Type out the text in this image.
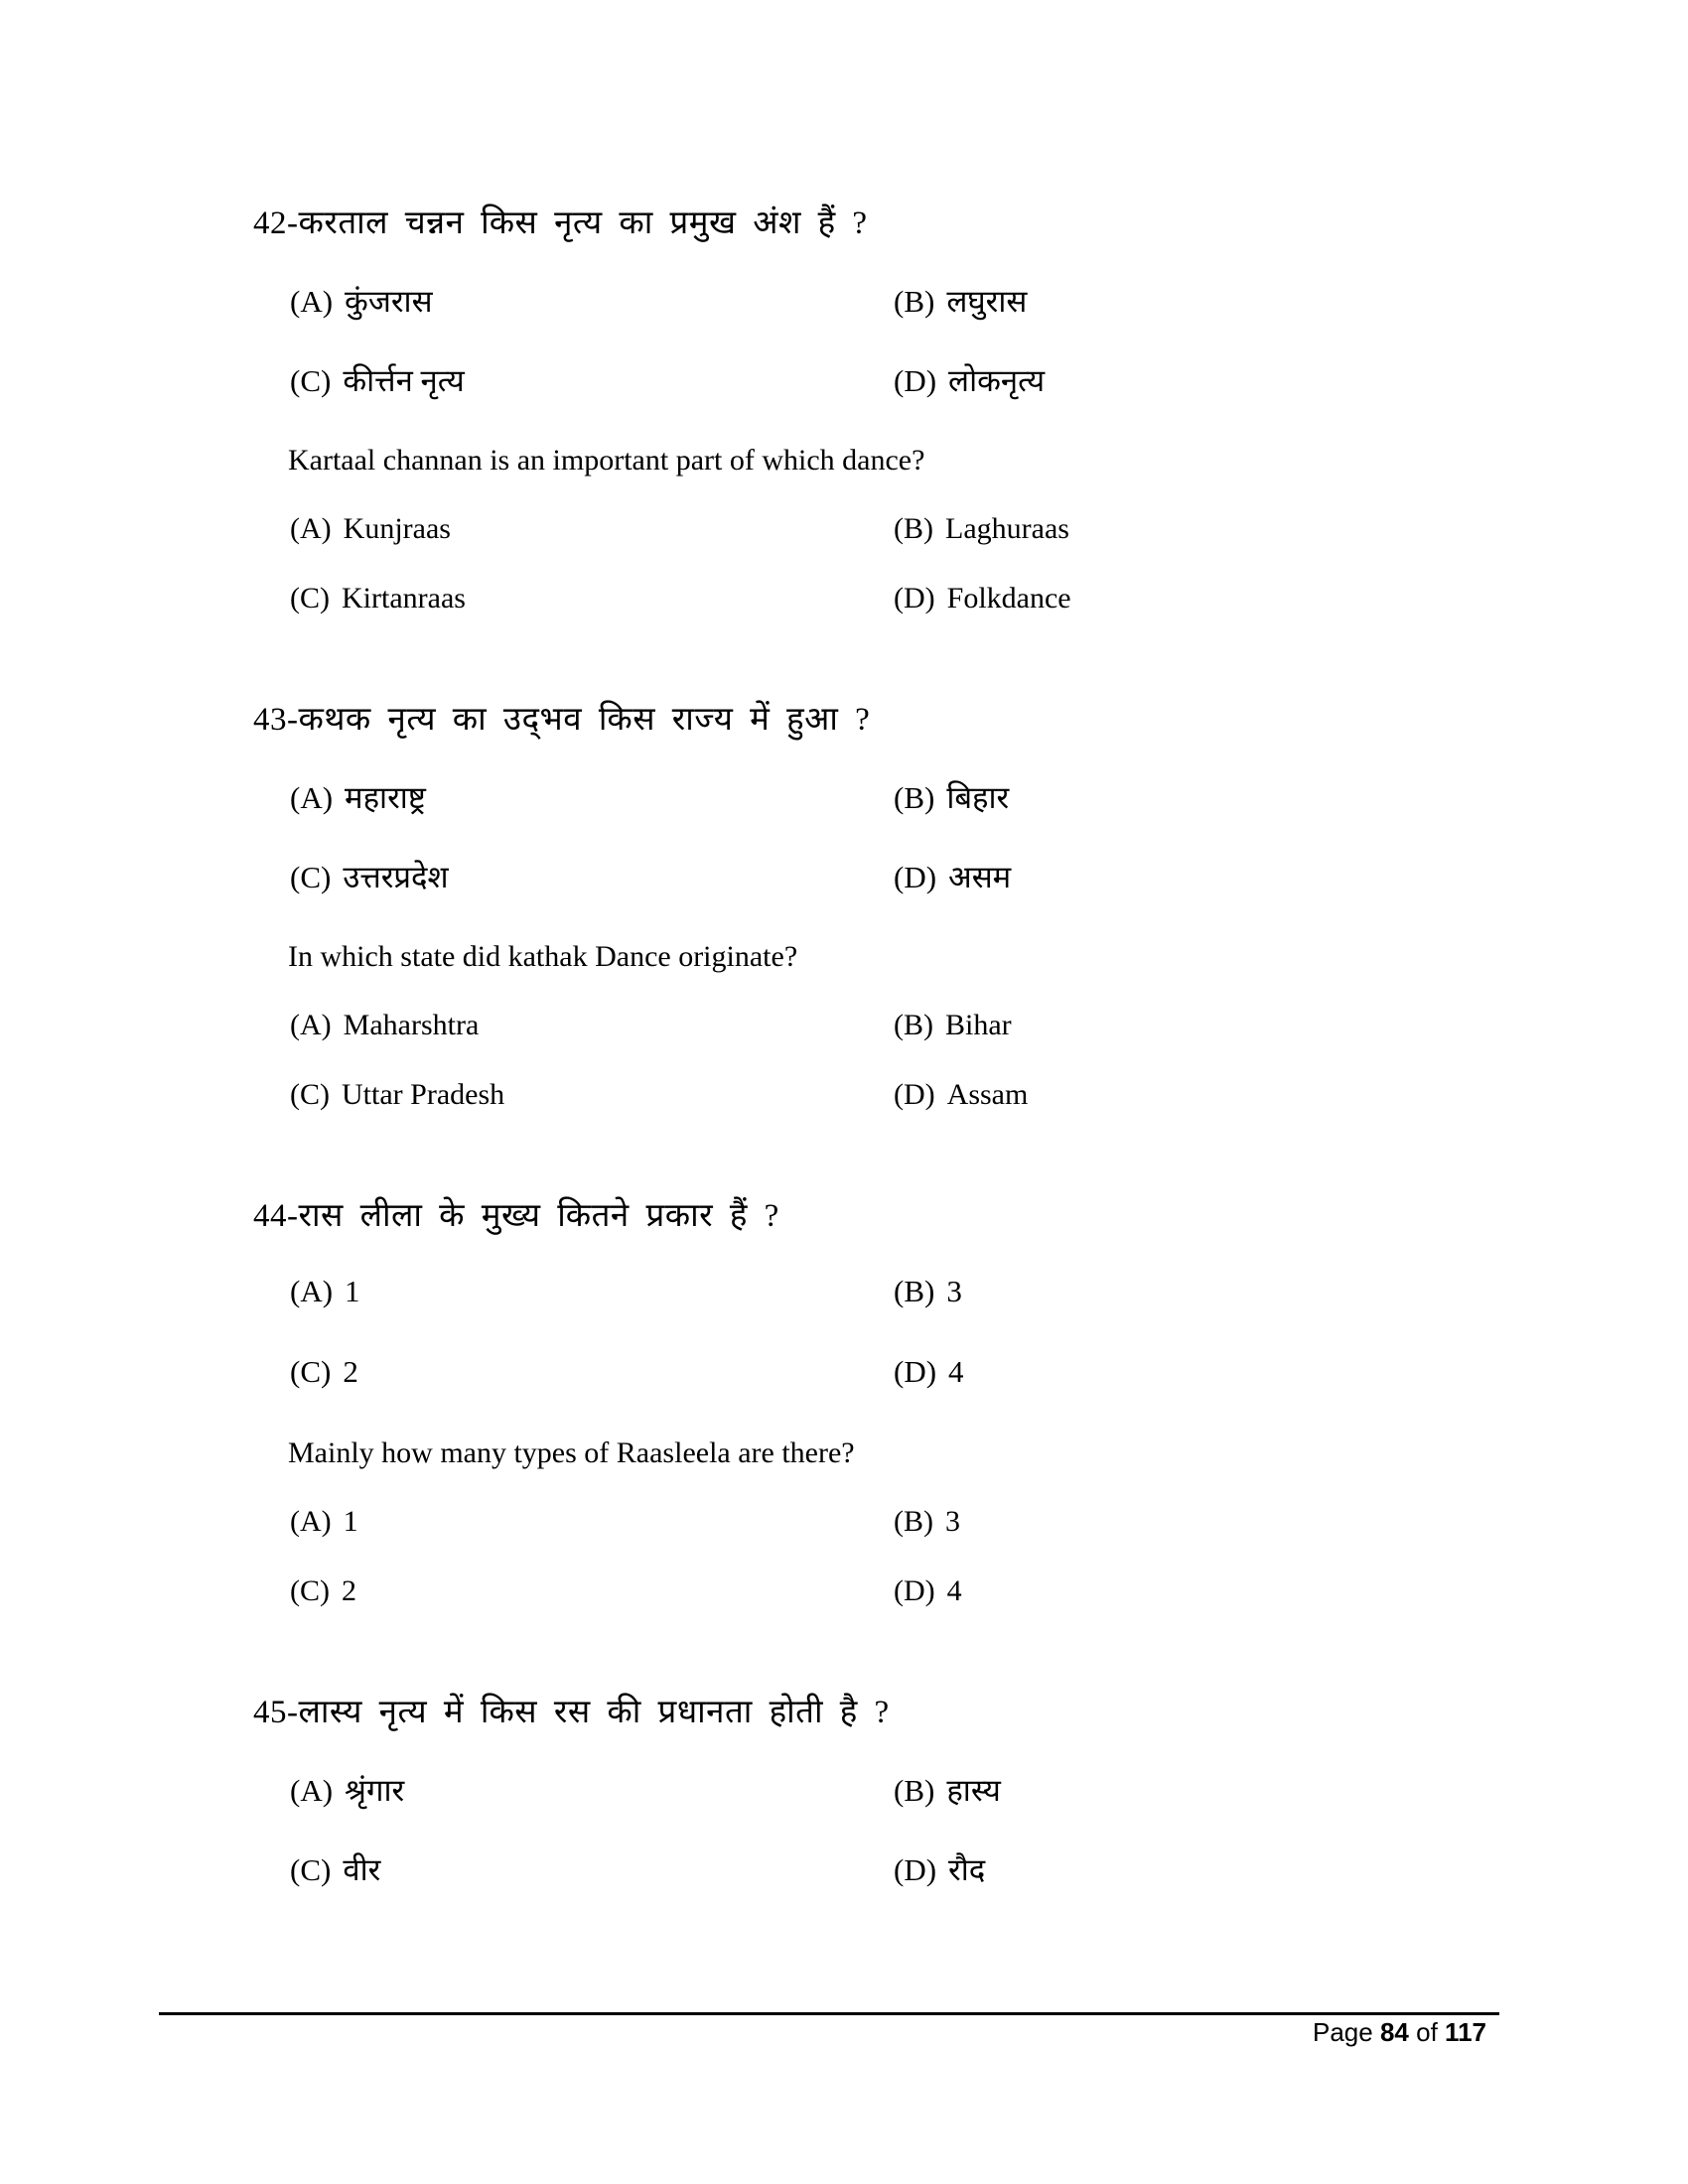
42-करताल चन्नन किस नृत्य का प्रमुख अंश हैं ?
(A) कुंजरास	(B) लघुरास
(C) कीर्त्तन नृत्य	(D) लोकनृत्य
Kartaal channan is an important part of which dance?
(A) Kunjraas	(B) Laghuraas
(C) Kirtanraas	(D) Folkdance
43-कथक नृत्य का उद्‌भव किस राज्य में हुआ ?
(A) महाराष्ट्र	(B) बिहार
(C) उत्तरप्रदेश	(D) असम
In which state did kathak Dance originate?
(A) Maharshtra	(B) Bihar
(C) Uttar Pradesh	(D) Assam
44-रास लीला के मुख्य कितने प्रकार हैं ?
(A) 1	(B) 3
(C) 2	(D) 4
Mainly how many types of Raasleela are there?
(A) 1	(B) 3
(C) 2	(D) 4
45-लास्य नृत्य में किस रस की प्रधानता होती है ?
(A) श्रृंगार	(B) हास्य
(C) वीर	(D) रौद
Page 84 of 117
